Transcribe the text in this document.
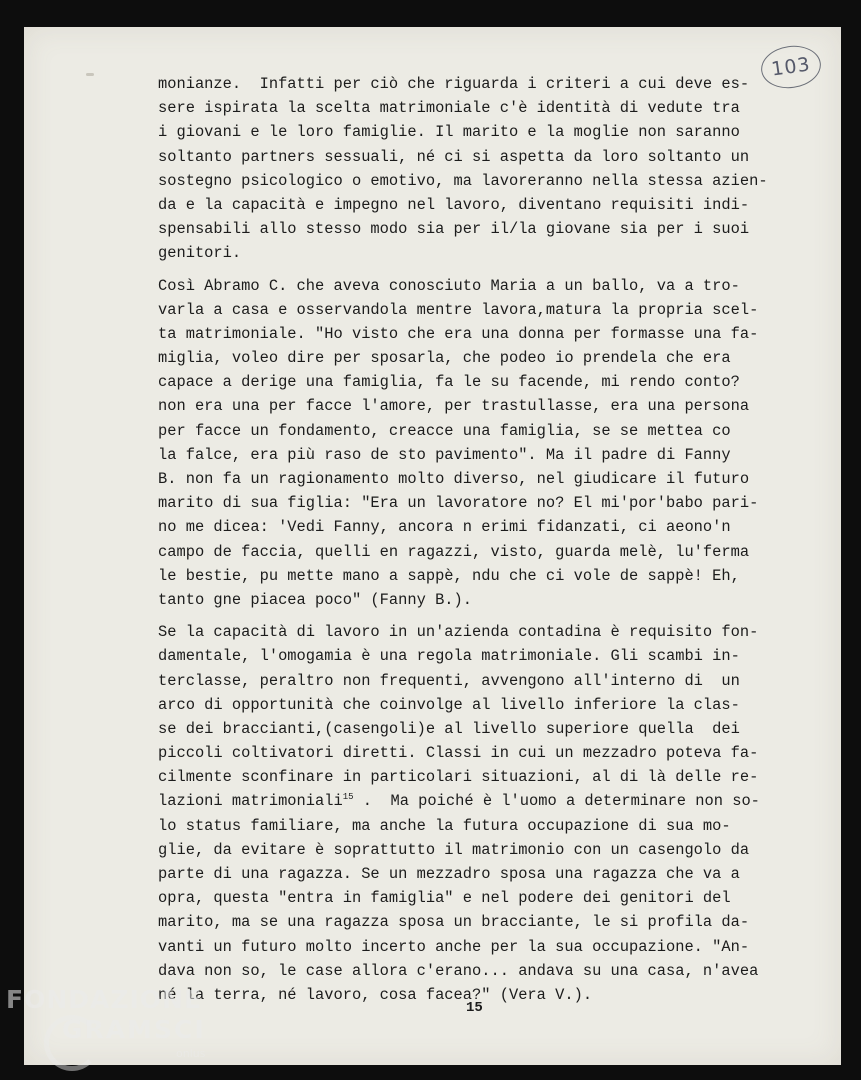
103
monianze.  Infatti per ciò che riguarda i criteri a cui deve es-
sere ispirata la scelta matrimoniale c'è identità di vedute tra
i giovani e le loro famiglie. Il marito e la moglie non saranno
soltanto partners sessuali, né ci si aspetta da loro soltanto un
sostegno psicologico o emotivo, ma lavoreranno nella stessa azien-
da e la capacità e impegno nel lavoro, diventano requisiti indi-
spensabili allo stesso modo sia per il/la giovane sia per i suoi
genitori.
Così Abramo C. che aveva conosciuto Maria a un ballo, va a tro-
varla a casa e osservandola mentre lavora,matura la propria scel-
ta matrimoniale. "Ho visto che era una donna per formasse una fa-
miglia, voleo dire per sposarla, che podeo io prendela che era
capace a derige una famiglia, fa le su facende, mi rendo conto?
non era una per facce l'amore, per trastullasse, era una persona
per facce un fondamento, creacce una famiglia, se se mettea co
la falce, era più raso de sto pavimento". Ma il padre di Fanny
B. non fa un ragionamento molto diverso, nel giudicare il futuro
marito di sua figlia: "Era un lavoratore no? El mi'por'babo pari-
no me dicea: 'Vedi Fanny, ancora n erimi fidanzati, ci aeono'n
campo de faccia, quelli en ragazzi, visto, guarda melè, lu'ferma
le bestie, pu mette mano a sappè, ndu che ci vole de sappè! Eh,
tanto gne piacea poco" (Fanny B.).
Se la capacità di lavoro in un'azienda contadina è requisito fon-
damentale, l'omogamia è una regola matrimoniale. Gli scambi in-
terclasse, peraltro non frequenti, avvengono all'interno di  un
arco di opportunità che coinvolge al livello inferiore la clas-
se dei braccianti,(casengoli)e al livello superiore quella  dei
piccoli coltivatori diretti. Classi in cui un mezzadro poteva fa-
cilmente sconfinare in particolari situazioni, al di là delle re-
lazioni matrimoniali$^{15}$ .  Ma poiché è l'uomo a determinare non so-
lo status familiare, ma anche la futura occupazione di sua mo-
glie, da evitare è soprattutto il matrimonio con un casengolo da
parte di una ragazza. Se un mezzadro sposa una ragazza che va a
opra, questa "entra in famiglia" e nel podere dei genitori del
marito, ma se una ragazza sposa un bracciante, le si profila da-
vanti un futuro molto incerto anche per la sua occupazione. "An-
dava non so, le case allora c'erano... andava su una casa, n'avea
né la terra, né lavoro, cosa facea?" (Vera V.).
15
FONDAZIONE
GRAMSCI
onlus
